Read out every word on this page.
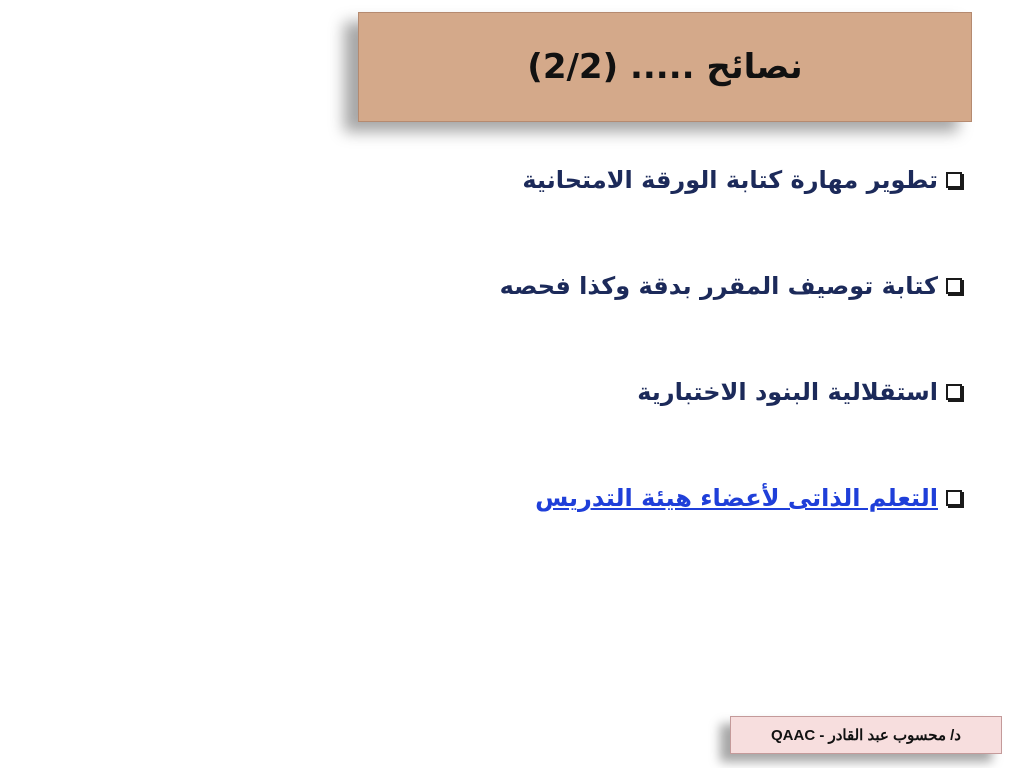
نصائح ..... (2/2)
تطوير مهارة كتابة الورقة الامتحانية
كتابة توصيف المقرر بدقة وكذا فحصه
استقلالية البنود الاختبارية
التعلم الذاتى لأعضاء هيئة التدريس
د/ محسوب عبد القادر - QAAC
